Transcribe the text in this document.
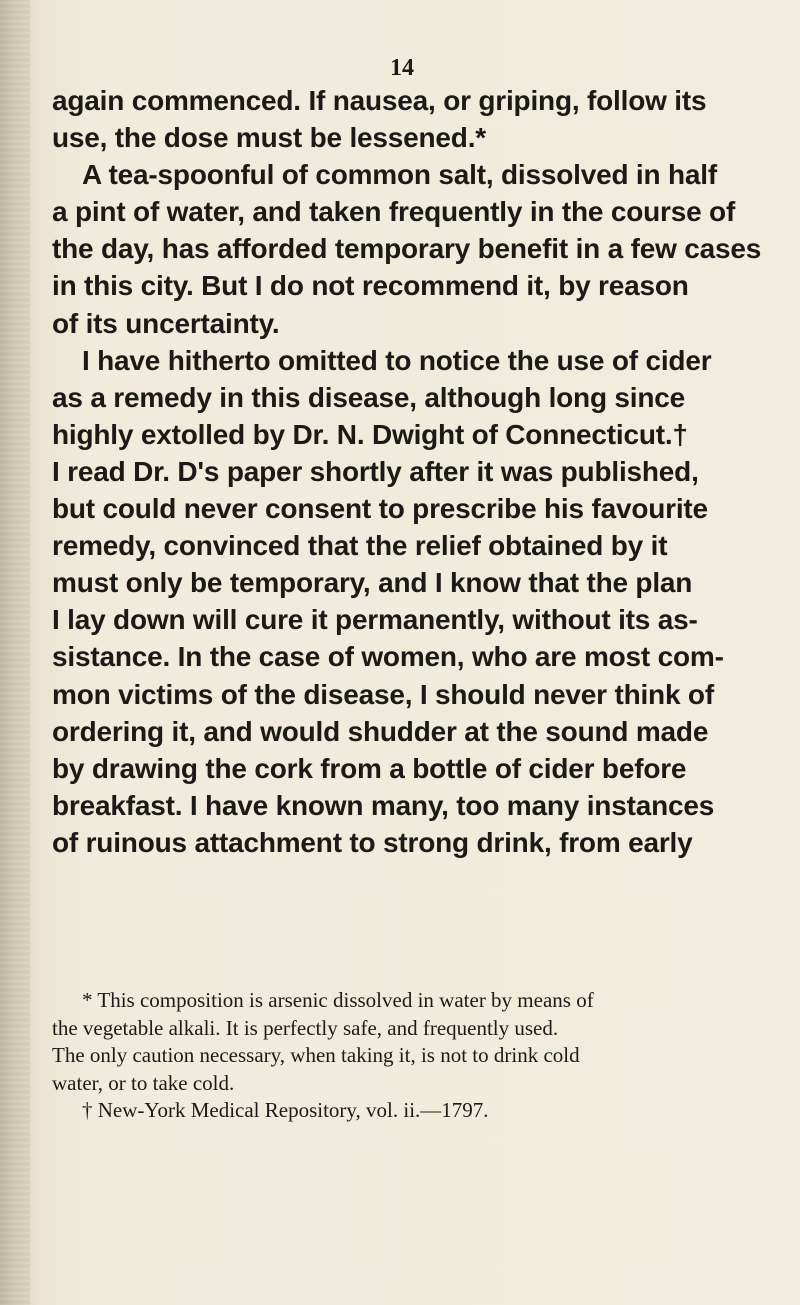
14
again commenced. If nausea, or griping, follow its
use, the dose must be lessened.*
A tea-spoonful of common salt, dissolved in half
a pint of water, and taken frequently in the course of
the day, has afforded temporary benefit in a few cases
in this city. But I do not recommend it, by reason
of its uncertainty.
I have hitherto omitted to notice the use of cider
as a remedy in this disease, although long since
highly extolled by Dr. N. Dwight of Connecticut.†
I read Dr. D's paper shortly after it was published,
but could never consent to prescribe his favourite
remedy, convinced that the relief obtained by it
must only be temporary, and I know that the plan
I lay down will cure it permanently, without its as-
sistance. In the case of women, who are most com-
mon victims of the disease, I should never think of
ordering it, and would shudder at the sound made
by drawing the cork from a bottle of cider before
breakfast. I have known many, too many instances
of ruinous attachment to strong drink, from early
* This composition is arsenic dissolved in water by means of
the vegetable alkali. It is perfectly safe, and frequently used.
The only caution necessary, when taking it, is not to drink cold
water, or to take cold.
† New-York Medical Repository, vol. ii.—1797.
